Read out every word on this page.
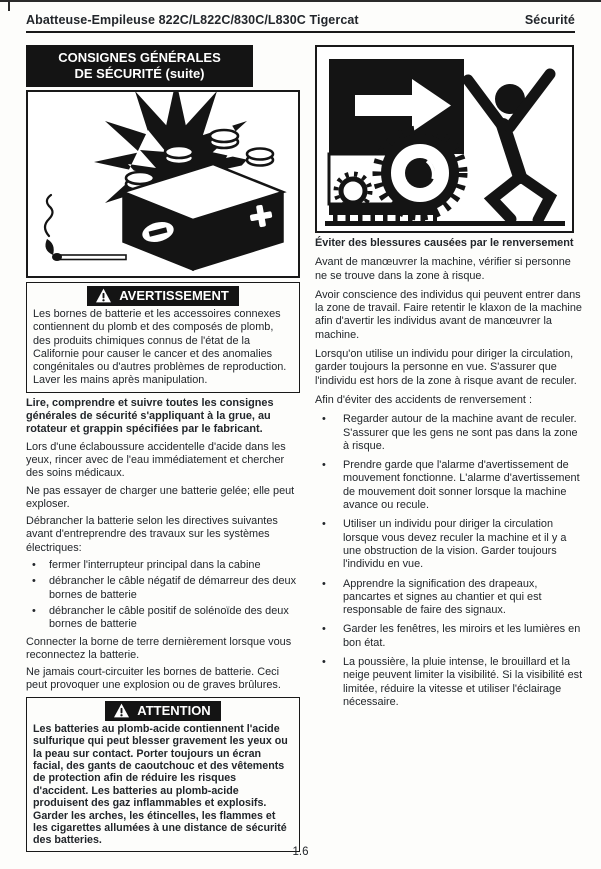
Abatteuse-Empileuse 822C/L822C/830C/L830C Tigercat	Sécurité
CONSIGNES GÉNÉRALES
DE SÉCURITÉ (suite)
AVERTISSEMENT

Les bornes de batterie et les accessoires connexes contiennent du plomb et des composés de plomb, des produits chimiques connus de l'état de la Californie pour causer le cancer et des anomalies congénitales ou d'autres problèmes de reproduction. Laver les mains après manipulation.

Lire, comprendre et suivre toutes les consignes générales de sécurité s'appliquant à la grue, au rotateur et grappin spécifiées par le fabricant.

Lors d'une éclaboussure accidentelle d'acide dans les yeux, rincer avec de l'eau immédiatement et chercher des soins médicaux.

Ne pas essayer de charger une batterie gelée; elle peut exploser.

Débrancher la batterie selon les directives suivantes avant d'entreprendre des travaux sur les systèmes électriques:

•	fermer l'interrupteur principal dans la cabine
•	débrancher le câble négatif de démarreur des deux bornes de batterie
•	débrancher le câble positif de solénoïde des deux bornes de batterie

Connecter la borne de terre dernièrement lorsque vous reconnectez la batterie.

Ne jamais court-circuiter les bornes de batterie. Ceci peut provoquer une explosion ou de graves brûlures.

ATTENTION

Les batteries au plomb-acide contiennent l'acide sulfurique qui peut blesser gravement les yeux ou la peau sur contact. Porter toujours un écran facial, des gants de caoutchouc et des vêtements de protection afin de réduire les risques d'accident. Les batteries au plomb-acide produisent des gaz inflammables et explosifs. Garder les arches, les étincelles, les flammes et les cigarettes allumées à une distance de sécurité des batteries.

Éviter des blessures causées par le renversement

Avant de manœuvrer la machine, vérifier si personne ne se trouve dans la zone à risque.

Avoir conscience des individus qui peuvent entrer dans la zone de travail. Faire retentir le klaxon de la machine afin d'avertir les individus avant de manœuvrer la machine.

Lorsqu'on utilise un individu pour diriger la circulation, garder toujours la personne en vue. S'assurer que l'individu est hors de la zone à risque avant de reculer.

Afin d'éviter des accidents de renversement :

•	Regarder autour de la machine avant de reculer. S'assurer que les gens ne sont pas dans la zone à risque.
•	Prendre garde que l'alarme d'avertissement de mouvement fonctionne. L'alarme d'avertissement de mouvement doit sonner lorsque la machine avance ou recule.
•	Utiliser un individu pour diriger la circulation lorsque vous devez reculer la machine et il y a une obstruction de la vision. Garder toujours l'individu en vue.
•	Apprendre la signification des drapeaux, pancartes et signes au chantier et qui est responsable de faire des signaux.
•	Garder les fenêtres, les miroirs et les lumières en bon état.
•	La poussière, la pluie intense, le brouillard et la neige peuvent limiter la visibilité. Si la visibilité est limitée, réduire la vitesse et utiliser l'éclairage nécessaire.
1.6
